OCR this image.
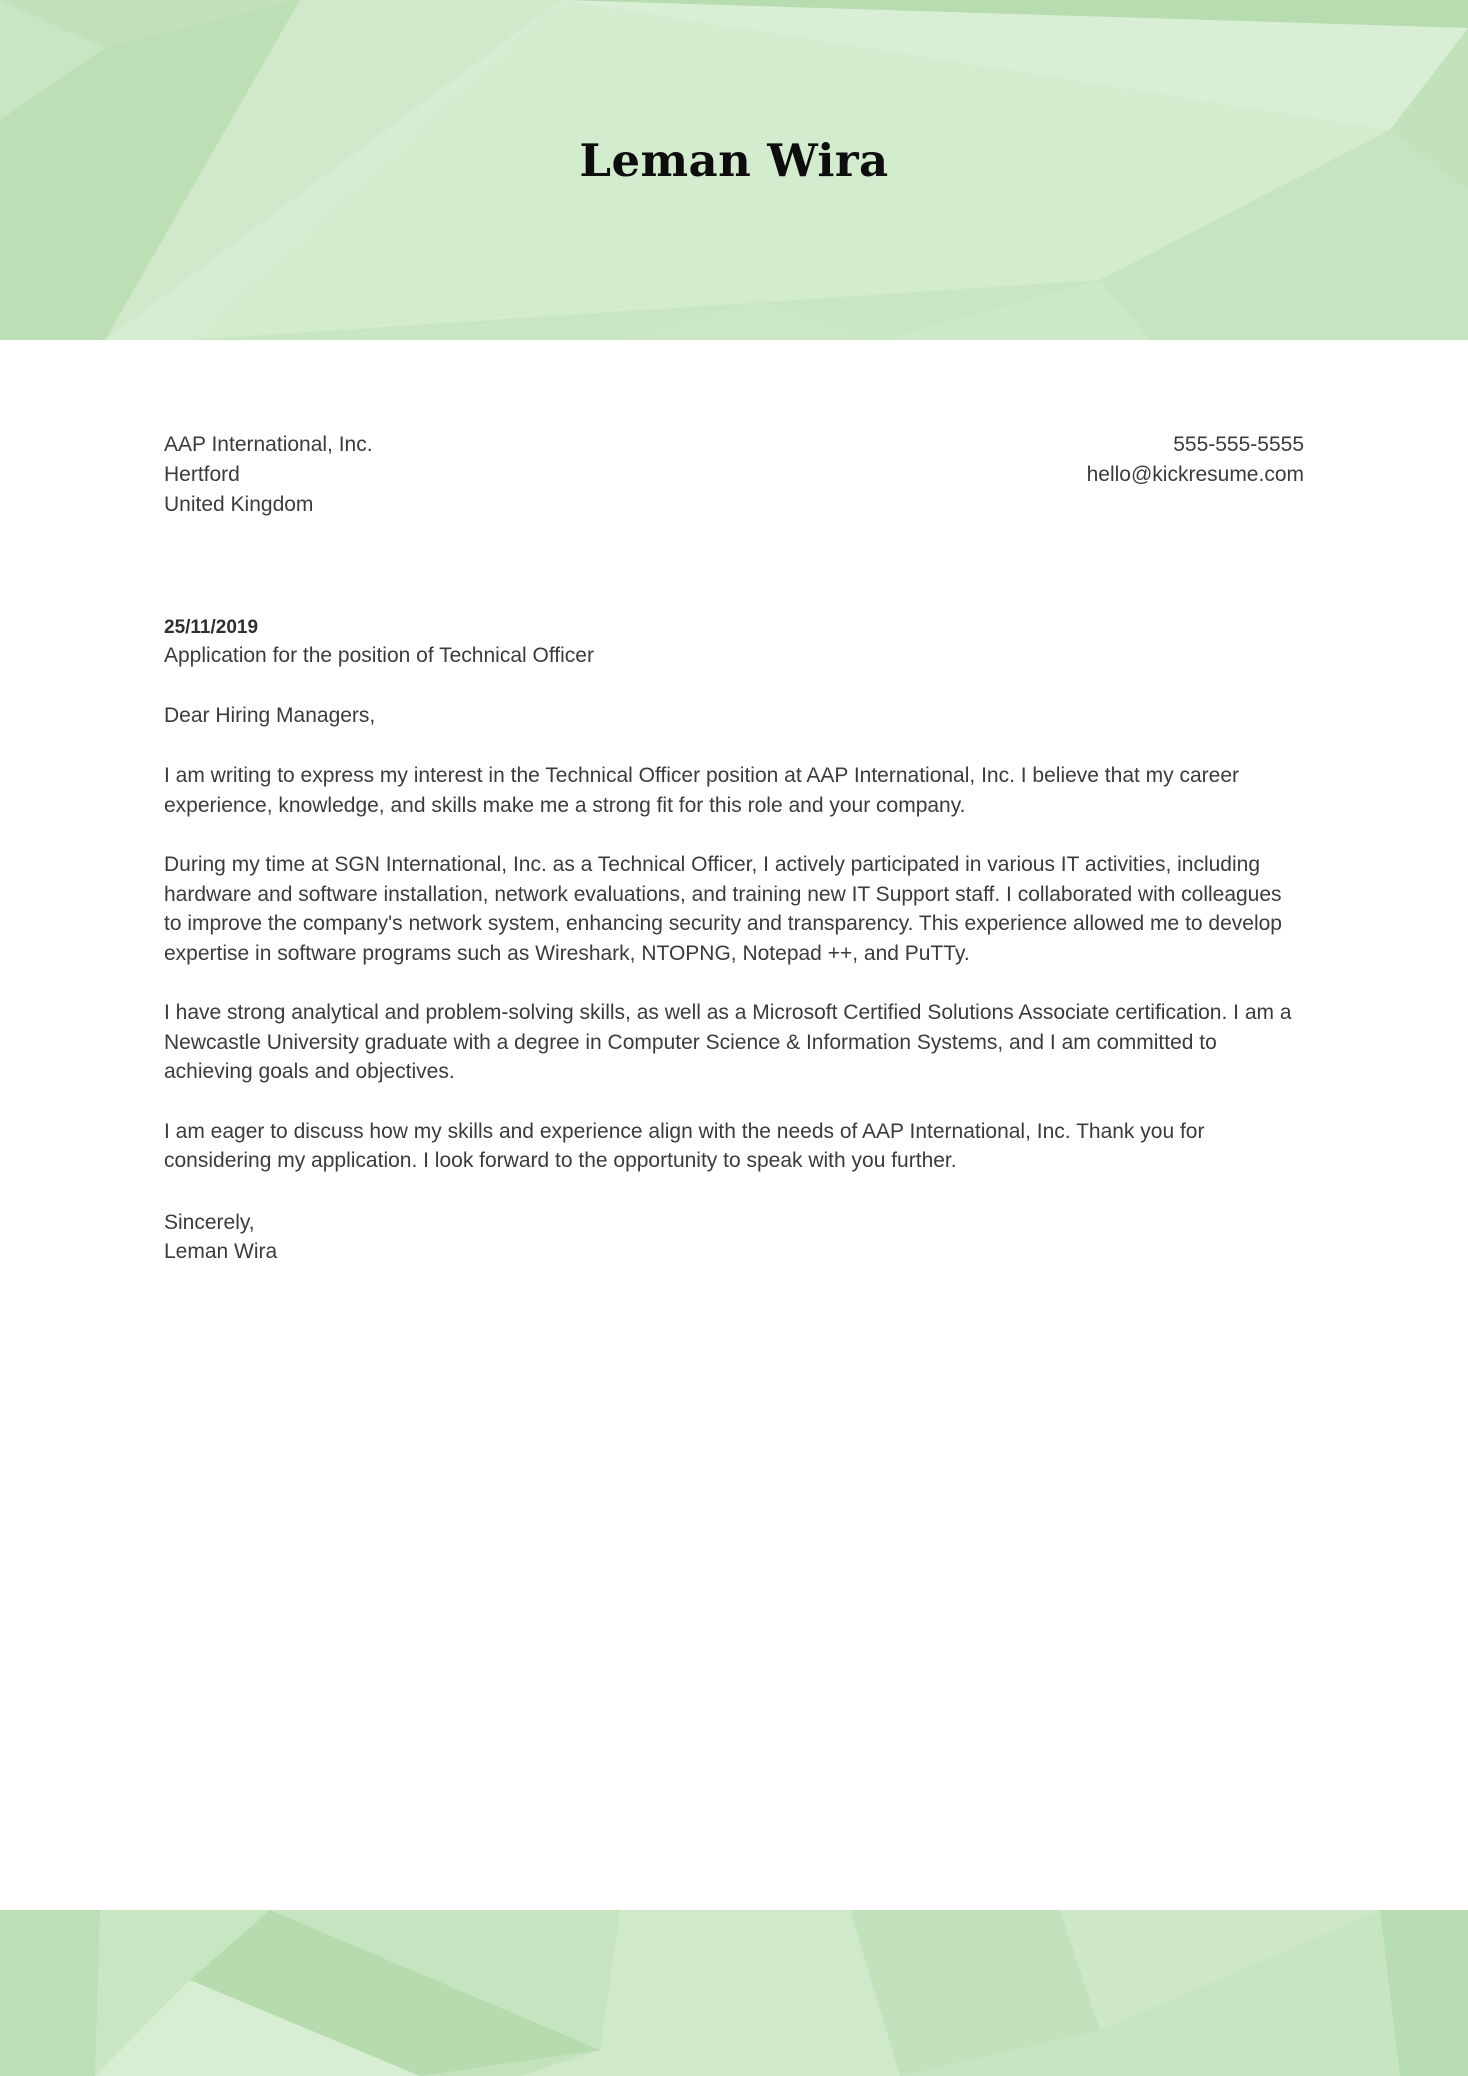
Leman Wira
AAP International, Inc.
Hertford
United Kingdom
555-555-5555
hello@kickresume.com
25/11/2019
Application for the position of Technical Officer
Dear Hiring Managers,

I am writing to express my interest in the Technical Officer position at AAP International, Inc. I believe that my career experience, knowledge, and skills make me a strong fit for this role and your company.

During my time at SGN International, Inc. as a Technical Officer, I actively participated in various IT activities, including hardware and software installation, network evaluations, and training new IT Support staff. I collaborated with colleagues to improve the company's network system, enhancing security and transparency. This experience allowed me to develop expertise in software programs such as Wireshark, NTOPNG, Notepad ++, and PuTTy.

I have strong analytical and problem-solving skills, as well as a Microsoft Certified Solutions Associate certification. I am a Newcastle University graduate with a degree in Computer Science & Information Systems, and I am committed to achieving goals and objectives.

I am eager to discuss how my skills and experience align with the needs of AAP International, Inc. Thank you for considering my application. I look forward to the opportunity to speak with you further.

Sincerely,
Leman Wira
